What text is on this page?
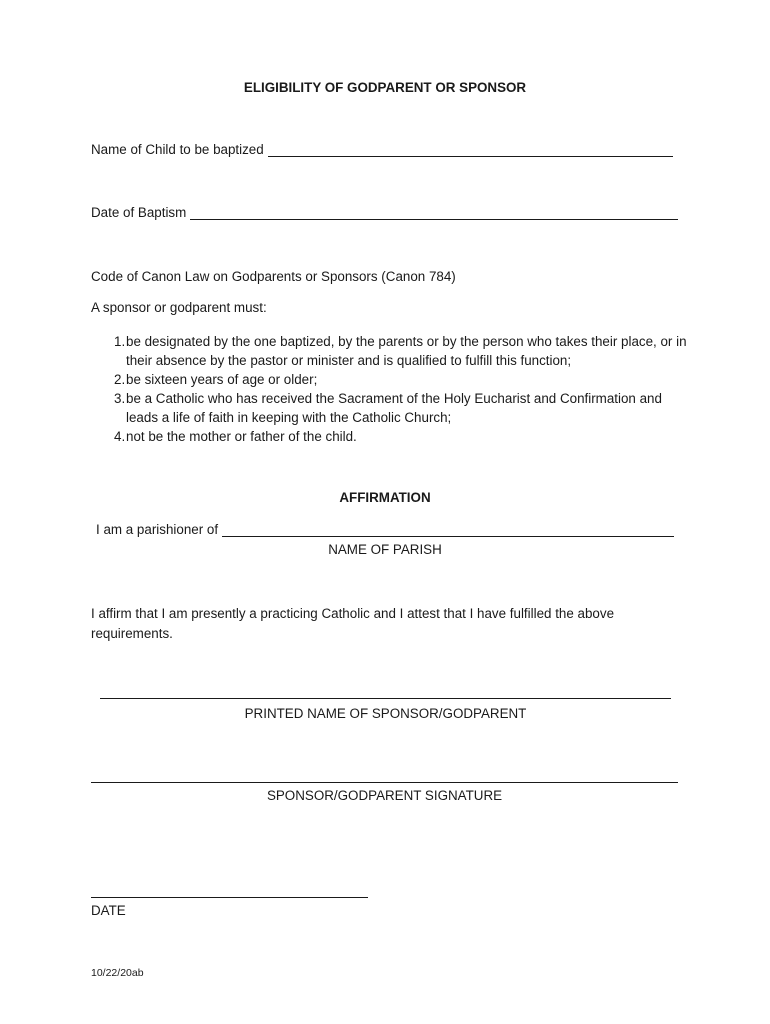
ELIGIBILITY OF GODPARENT OR SPONSOR
Name of Child to be baptized
Date of Baptism
Code of Canon Law on Godparents or Sponsors (Canon 784)
A sponsor or godparent must:
1. be designated by the one baptized, by the parents or by the person who takes their place, or in their absence by the pastor or minister and is qualified to fulfill this function;
2. be sixteen years of age or older;
3. be a Catholic who has received the Sacrament of the Holy Eucharist and Confirmation and leads a life of faith in keeping with the Catholic Church;
4. not be the mother or father of the child.
AFFIRMATION
I am a parishioner of
NAME OF PARISH
I affirm that I am presently a practicing Catholic and I attest that I have fulfilled the above requirements.
PRINTED NAME OF SPONSOR/GODPARENT
SPONSOR/GODPARENT SIGNATURE
DATE
10/22/20ab
